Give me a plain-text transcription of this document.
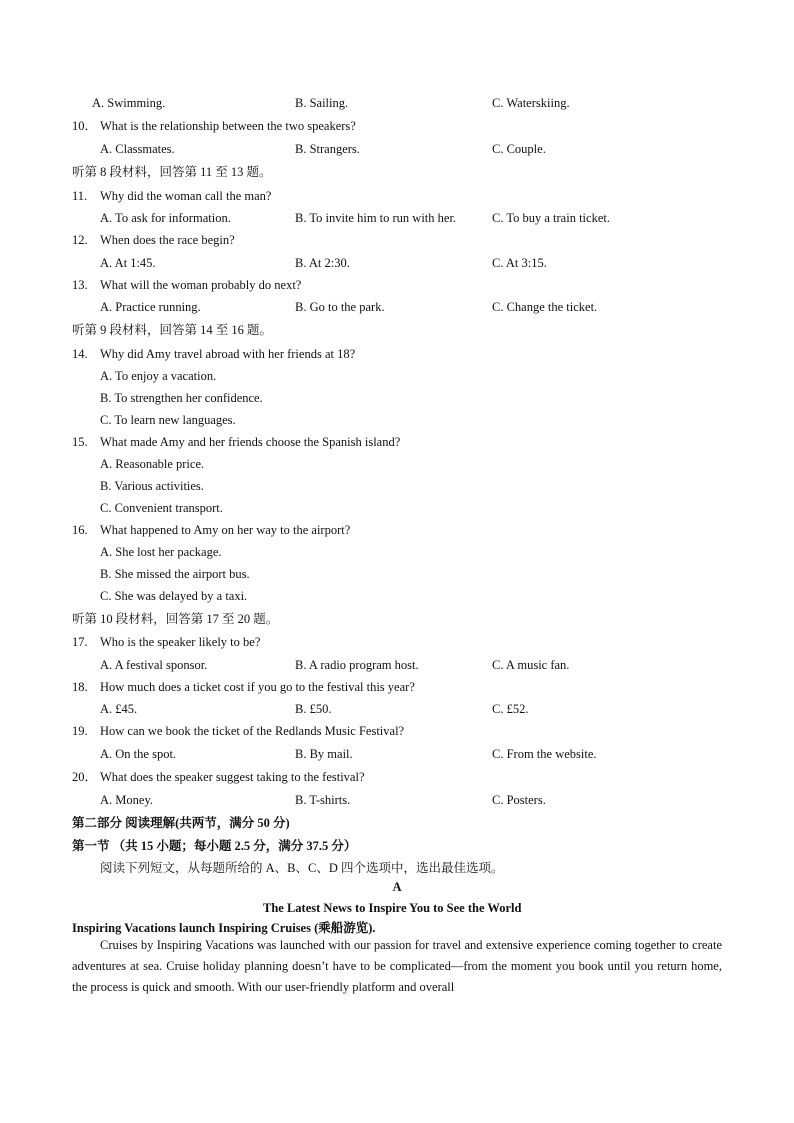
A. Swimming.	B. Sailing.	C. Waterskiing.
10． What is the relationship between the two speakers?
A. Classmates.	B. Strangers.	C. Couple.
听第 8 段材料，回答第 11 至 13 题。
11. Why did the woman call the man?
A. To ask for information.	B. To invite him to run with her.	C. To buy a train ticket.
12. When does the race begin?
A. At 1:45.	B. At 2:30.	C. At 3:15.
13. What will the woman probably do next?
A. Practice running.	B. Go to the park.	C. Change the ticket.
听第 9 段材料，回答第 14 至 16 题。
14. Why did Amy travel abroad with her friends at 18?
A. To enjoy a vacation.
B. To strengthen her confidence.
C. To learn new languages.
15. What made Amy and her friends choose the Spanish island?
A. Reasonable price.
B. Various activities.
C. Convenient transport.
16. What happened to Amy on her way to the airport?
A. She lost her package.
B. She missed the airport bus.
C. She was delayed by a taxi.
听第 10 段材料，回答第 17 至 20 题。
17. Who is the speaker likely to be?
A. A festival sponsor.	B. A radio program host.	C. A music fan.
18. How much does a ticket cost if you go to the festival this year?
A. £45.	B. £50.	C. £52.
19. How can we book the ticket of the Redlands Music Festival?
A. On the spot.	B. By mail.	C. From the website.
20． What does the speaker suggest taking to the festival?
A. Money.	B. T-shirts.	C. Posters.
第二部分 阅读理解(共两节，满分 50 分)
第一节 （共 15 小题；每小题 2.5 分，满分 37.5 分）
阅读下列短文，从每题所给的 A、B、C、D 四个选项中，选出最佳选项。
A
The Latest News to Inspire You to See the World
Inspiring Vacations launch Inspiring Cruises (乘船游览).
Cruises by Inspiring Vacations was launched with our passion for travel and extensive experience coming together to create adventures at sea. Cruise holiday planning doesn’t have to be complicated—from the moment you book until you return home, the process is quick and smooth. With our user-friendly platform and overall
